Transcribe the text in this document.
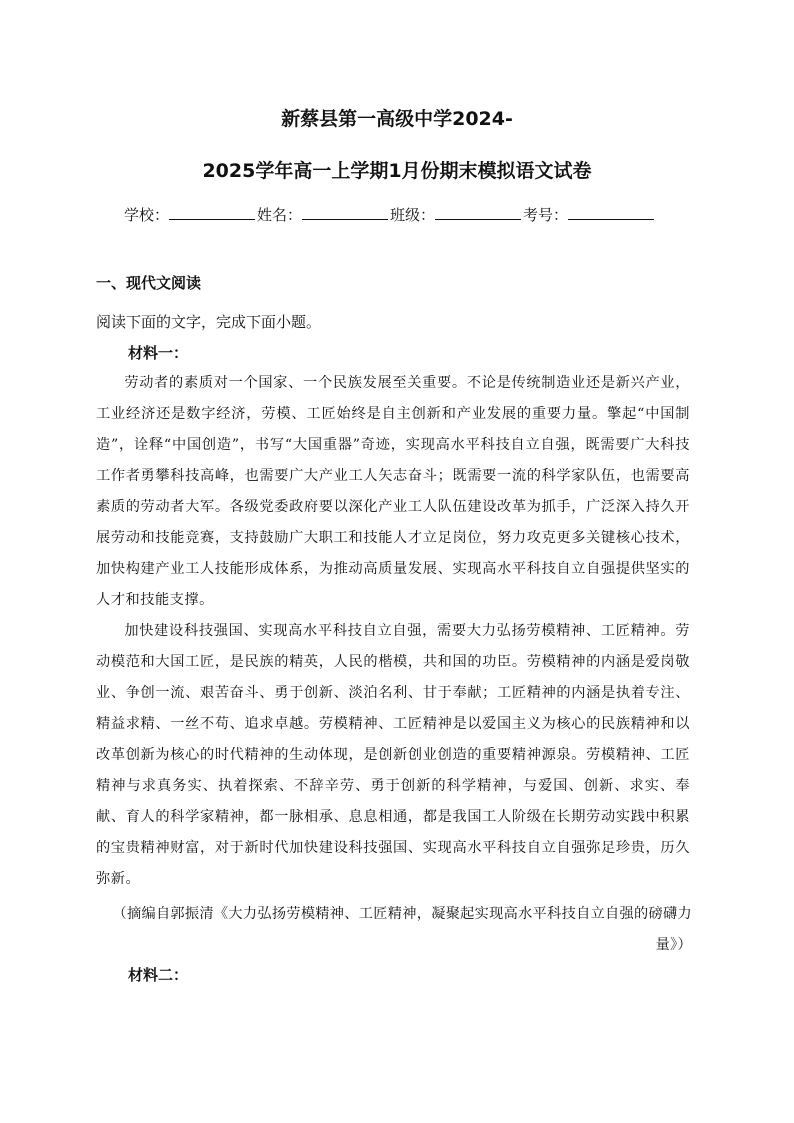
新蔡县第一高级中学2024-
2025学年高一上学期1月份期末模拟语文试卷
学校：	姓名：	班级：	考号：
一、现代文阅读

阅读下面的文字，完成下面小题。

材料一：

劳动者的素质对一个国家、一个民族发展至关重要。不论是传统制造业还是新兴产业，工业经济还是数字经济，劳模、工匠始终是自主创新和产业发展的重要力量。擎起“中国制造”，诠释“中国创造”，书写“大国重器”奇迹，实现高水平科技自立自强，既需要广大科技工作者勇攀科技高峰，也需要广大产业工人矢志奋斗；既需要一流的科学家队伍，也需要高素质的劳动者大军。各级党委政府要以深化产业工人队伍建设改革为抓手，广泛深入持久开展劳动和技能竞赛，支持鼓励广大职工和技能人才立足岗位，努力攻克更多关键核心技术，加快构建产业工人技能形成体系，为推动高质量发展、实现高水平科技自立自强提供坚实的人才和技能支撑。

加快建设科技强国、实现高水平科技自立自强，需要大力弘扬劳模精神、工匠精神。劳动模范和大国工匠，是民族的精英，人民的楷模，共和国的功臣。劳模精神的内涵是爱岗敬业、争创一流、艰苦奋斗、勇于创新、淡泊名利、甘于奉献；工匠精神的内涵是执着专注、精益求精、一丝不苟、追求卓越。劳模精神、工匠精神是以爱国主义为核心的民族精神和以改革创新为核心的时代精神的生动体现，是创新创业创造的重要精神源泉。劳模精神、工匠精神与求真务实、执着探索、不辞辛劳、勇于创新的科学精神，与爱国、创新、求实、奉献、育人的科学家精神，都一脉相承、息息相通，都是我国工人阶级在长期劳动实践中积累的宝贵精神财富，对于新时代加快建设科技强国、实现高水平科技自立自强弥足珍贵，历久弥新。

（摘编自郭振清《大力弘扬劳模精神、工匠精神，凝聚起实现高水平科技自立自强的磅礴力量》）

材料二：
